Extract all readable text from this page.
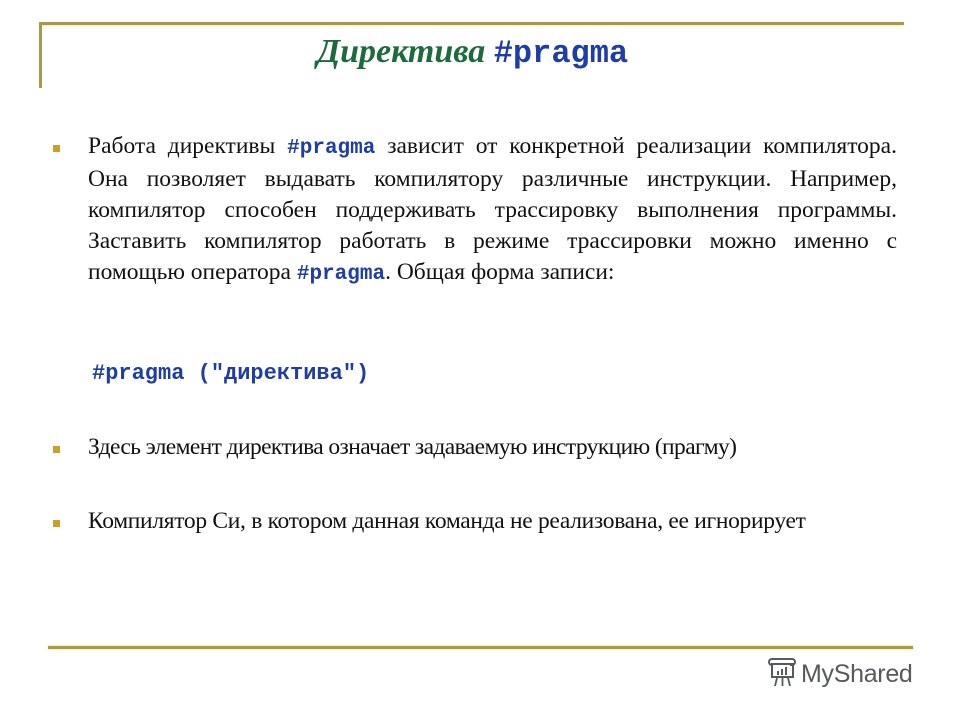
Директива #pragma
Работа директивы #pragma зависит от конкретной реализации компилятора. Она позволяет выдавать компилятору различные инструкции. Например, компилятор способен поддерживать трассировку выполнения программы. Заставить компилятор работать в режиме трассировки можно именно с помощью оператора #pragma. Общая форма записи:
#pragma ("директива")
Здесь элемент директива означает задаваемую инструкцию (прагму)
Компилятор Си, в котором данная команда не реализована, ее игнорирует
MyShared
